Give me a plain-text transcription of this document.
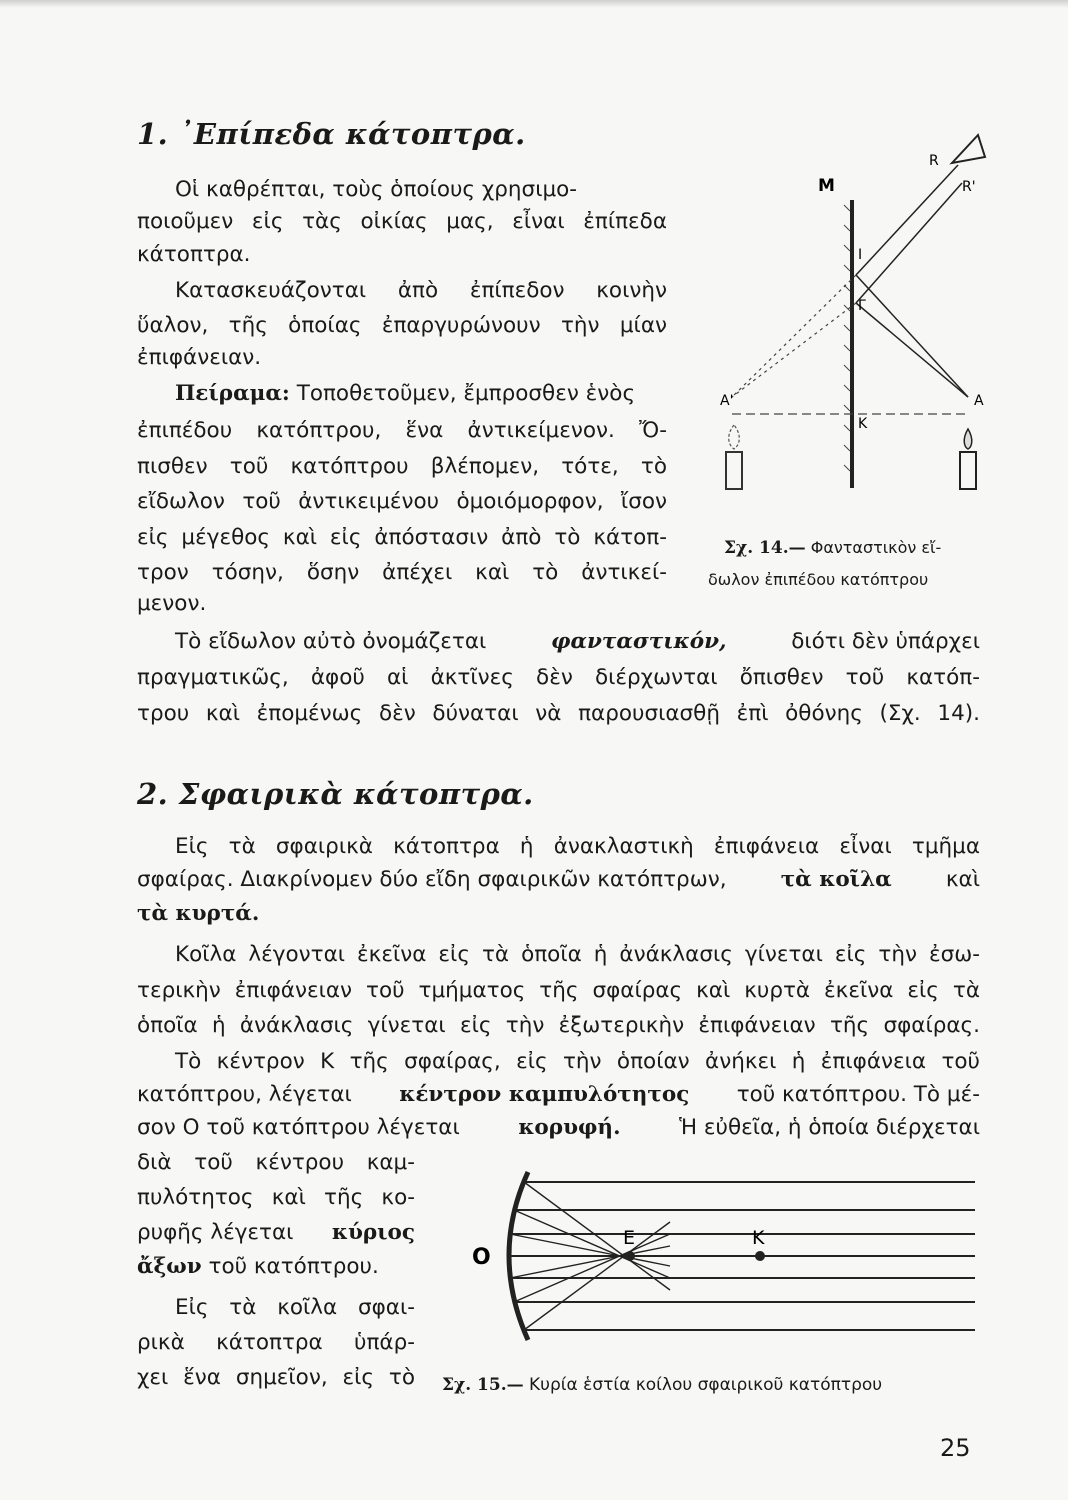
1. ᾽Επίπεδα κάτοπτρα.
Οἱ καθρέπται, τοὺς ὁποίους χρησιμο-
ποιοῦμεν εἰς τὰς οἰκίας μας, εἶναι ἐπίπεδα
κάτοπτρα.
Κατασκευάζονται ἀπὸ ἐπίπεδον κοινὴν
ὕαλον, τῆς ὁποίας ἐπαργυρώνουν τὴν μίαν
ἐπιφάνειαν.
Πείραμα: Τοποθετοῦμεν, ἔμπροσθεν ἑνὸς
ἐπιπέδου κατόπτρου, ἕνα ἀντικείμενον. Ὄ-
πισθεν τοῦ κατόπτρου βλέπομεν, τότε, τὸ
εἴδωλον τοῦ ἀντικειμένου ὁμοιόμορφον, ἴσον
εἰς μέγεθος καὶ εἰς ἀπόστασιν ἀπὸ τὸ κάτοπ-
τρον τόσην, ὅσην ἀπέχει καὶ τὸ ἀντικεί-
μενον.
Τὸ εἴδωλον αὐτὸ ὀνομάζεται	φανταστικόν,	διότι δὲν ὑπάρχει
πραγματικῶς, ἀφοῦ αἱ ἀκτῖνες δὲν διέρχωνται ὄπισθεν τοῦ κατόπ-
τρου καὶ ἐπομένως δὲν δύναται νὰ παρουσιασθῇ ἐπὶ ὀθόνης (Σχ. 14).
M
R
R'
I
Γ
K
A
A'
Σχ. 14.— Φανταστικὸν εἴ-
δωλον ἐπιπέδου κατόπτρου
2. Σφαιρικὰ κάτοπτρα.
Εἰς τὰ σφαιρικὰ κάτοπτρα ἡ ἀνακλαστικὴ ἐπιφάνεια εἶναι τμῆμα
σφαίρας. Διακρίνομεν δύο εἴδη σφαιρικῶν κατόπτρων,	τὰ κοῖλα	καὶ
τὰ κυρτά.
Κοῖλα λέγονται ἐκεῖνα εἰς τὰ ὁποῖα ἡ ἀνάκλασις γίνεται εἰς τὴν ἐσω-
τερικὴν ἐπιφάνειαν τοῦ τμήματος τῆς σφαίρας καὶ κυρτὰ ἐκεῖνα εἰς τὰ
ὁποῖα ἡ ἀνάκλασις γίνεται εἰς τὴν ἐξωτερικὴν ἐπιφάνειαν τῆς σφαίρας.
Τὸ κέντρον Κ τῆς σφαίρας, εἰς τὴν ὁποίαν ἀνήκει ἡ ἐπιφάνεια τοῦ
κατόπτρου, λέγεται κέντρον καμπυλότητος τοῦ κατόπτρου. Τὸ μέ-
σον Ο τοῦ κατόπτρου λέγεται	κορυφή.	Ἡ εὐθεῖα, ἡ ὁποία διέρχεται
διὰ τοῦ κέντρου καμ-
πυλότητος καὶ τῆς κο-
ρυφῆς λέγεται κύριος
ἄξων τοῦ κατόπτρου.
Εἰς τὰ κοῖλα σφαι-
ρικὰ κάτοπτρα ὑπάρ-
χει ἕνα σημεῖον, εἰς τὸ
O
E	K
Σχ. 15.— Κυρία ἑστία κοίλου σφαιρικοῦ κατόπτρου
25
